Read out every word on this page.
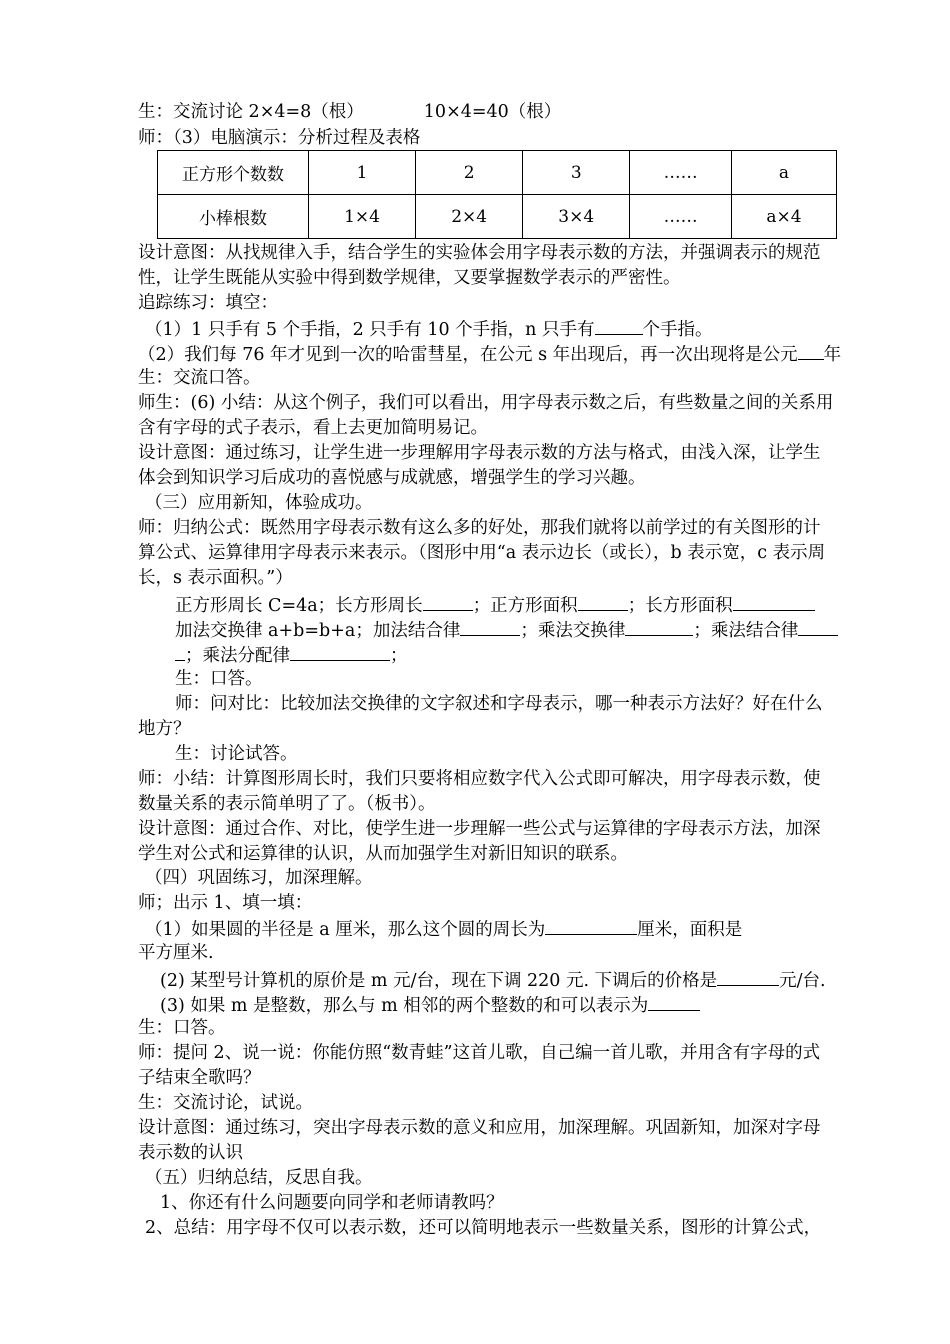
生：交流讨论 2×4=8（根）	10×4=40（根）
师：（3）电脑演示：分析过程及表格
正方形个数数	1	2	3	……	a
小棒根数	1×4	2×4	3×4	……	a×4
设计意图：从找规律入手，结合学生的实验体会用字母表示数的方法，并强调表示的规范
性，让学生既能从实验中得到数学规律，又要掌握数学表示的严密性。
追踪练习：填空：
（1）1 只手有 5 个手指，2 只手有 10 个手指，n 只手有	个手指。
（2）我们每 76 年才见到一次的哈雷彗星，在公元 s 年出现后，再一次出现将是公元 年
生：交流口答。
师生：(6) 小结：从这个例子，我们可以看出，用字母表示数之后，有些数量之间的关系用
含有字母的式子表示，看上去更加简明易记。
设计意图：通过练习，让学生进一步理解用字母表示数的方法与格式，由浅入深，让学生
体会到知识学习后成功的喜悦感与成就感，增强学生的学习兴趣。
（三）应用新知，体验成功。
师：归纳公式：既然用字母表示数有这么多的好处，那我们就将以前学过的有关图形的计
算公式、运算律用字母表示来表示。（图形中用“a 表示边长（或长），b 表示宽，c 表示周
长，s 表示面积。”）
正方形周长 C=4a；长方形周长	；正方形面积	；长方形面积
加法交换律 a+b=b+a；加法结合律	；乘法交换律	；乘法结合律
；乘法分配律	；
生：口答。
师：问对比：比较加法交换律的文字叙述和字母表示，哪一种表示方法好？好在什么
地方？
生：讨论试答。
师：小结：计算图形周长时，我们只要将相应数字代入公式即可解决，用字母表示数，使
数量关系的表示简单明了了。（板书）。
设计意图：通过合作、对比，使学生进一步理解一些公式与运算律的字母表示方法，加深
学生对公式和运算律的认识，从而加强学生对新旧知识的联系。
（四）巩固练习，加深理解。
师；出示 1、填一填：
（1）如果圆的半径是 a 厘米，那么这个圆的周长为	厘米，面积是
平方厘米.
(2) 某型号计算机的原价是 m 元/台，现在下调 220 元. 下调后的价格是	元/台.
(3) 如果 m 是整数，那么与 m 相邻的两个整数的和可以表示为
生：口答。
师：提问 2、说一说：你能仿照“数青蛙”这首儿歌，自己编一首儿歌，并用含有字母的式
子结束全歌吗？
生：交流讨论，试说。
设计意图：通过练习，突出字母表示数的意义和应用，加深理解。巩固新知，加深对字母
表示数的认识
（五）归纳总结，反思自我。
1、你还有什么问题要向同学和老师请教吗？
2、总结：用字母不仅可以表示数，还可以简明地表示一些数量关系，图形的计算公式，
